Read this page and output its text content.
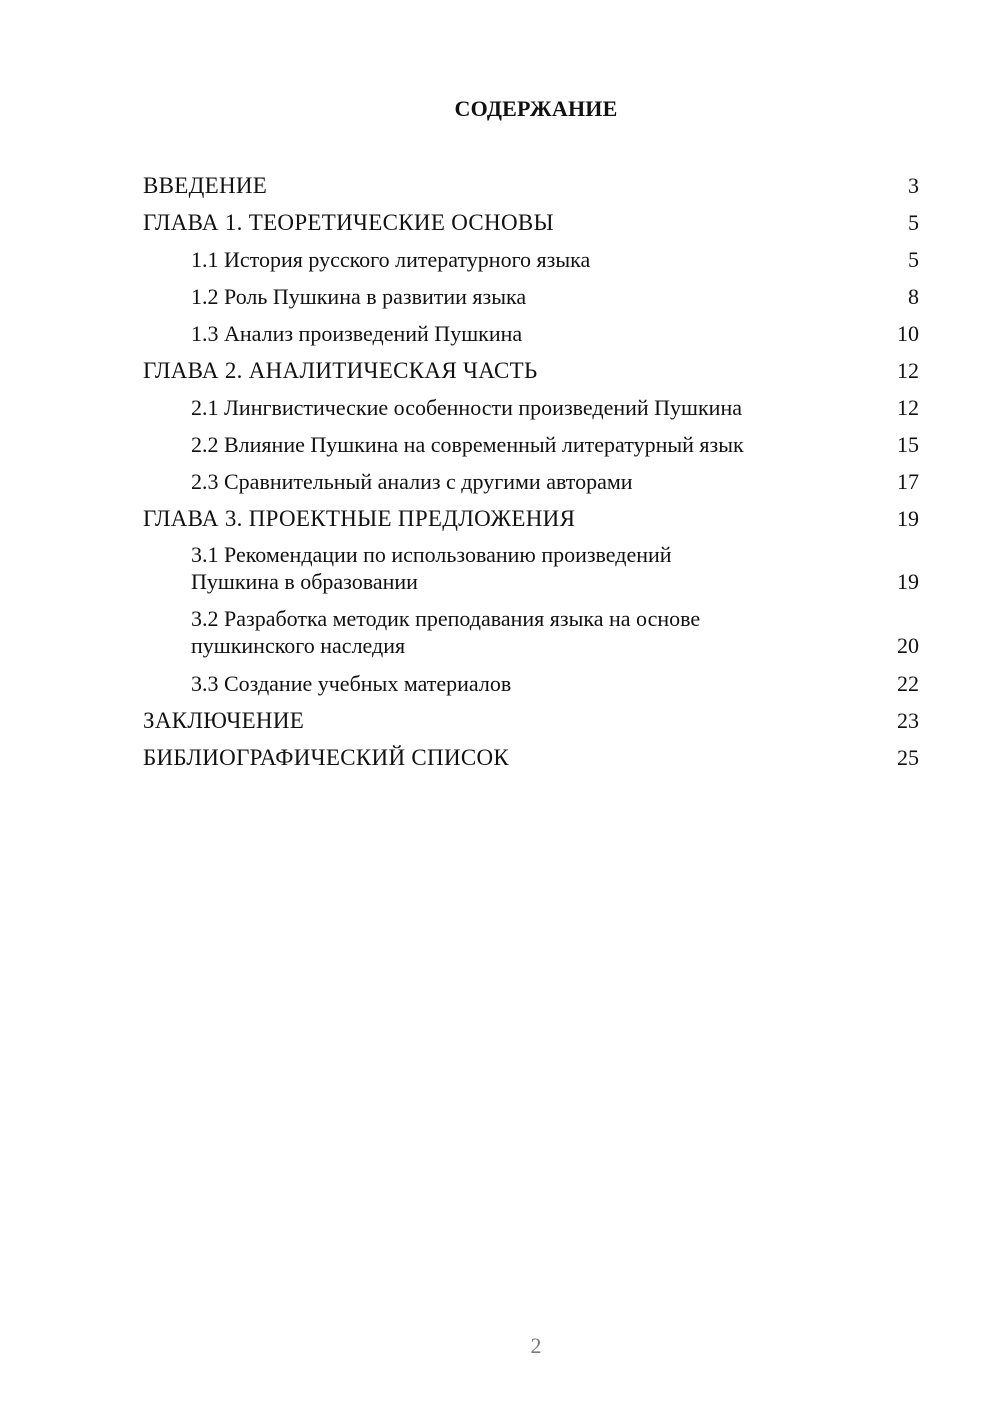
СОДЕРЖАНИЕ
ВВЕДЕНИЕ	3
ГЛАВА 1. ТЕОРЕТИЧЕСКИЕ ОСНОВЫ	5
1.1 История русского литературного языка	5
1.2 Роль Пушкина в развитии языка	8
1.3 Анализ произведений Пушкина	10
ГЛАВА 2. АНАЛИТИЧЕСКАЯ ЧАСТЬ	12
2.1 Лингвистические особенности произведений Пушкина	12
2.2 Влияние Пушкина на современный литературный язык	15
2.3 Сравнительный анализ с другими авторами	17
ГЛАВА 3. ПРОЕКТНЫЕ ПРЕДЛОЖЕНИЯ	19
3.1 Рекомендации по использованию произведений
Пушкина в образовании	19
3.2 Разработка методик преподавания языка на основе
пушкинского наследия	20
3.3 Создание учебных материалов	22
ЗАКЛЮЧЕНИЕ	23
БИБЛИОГРАФИЧЕСКИЙ СПИСОК	25
2
